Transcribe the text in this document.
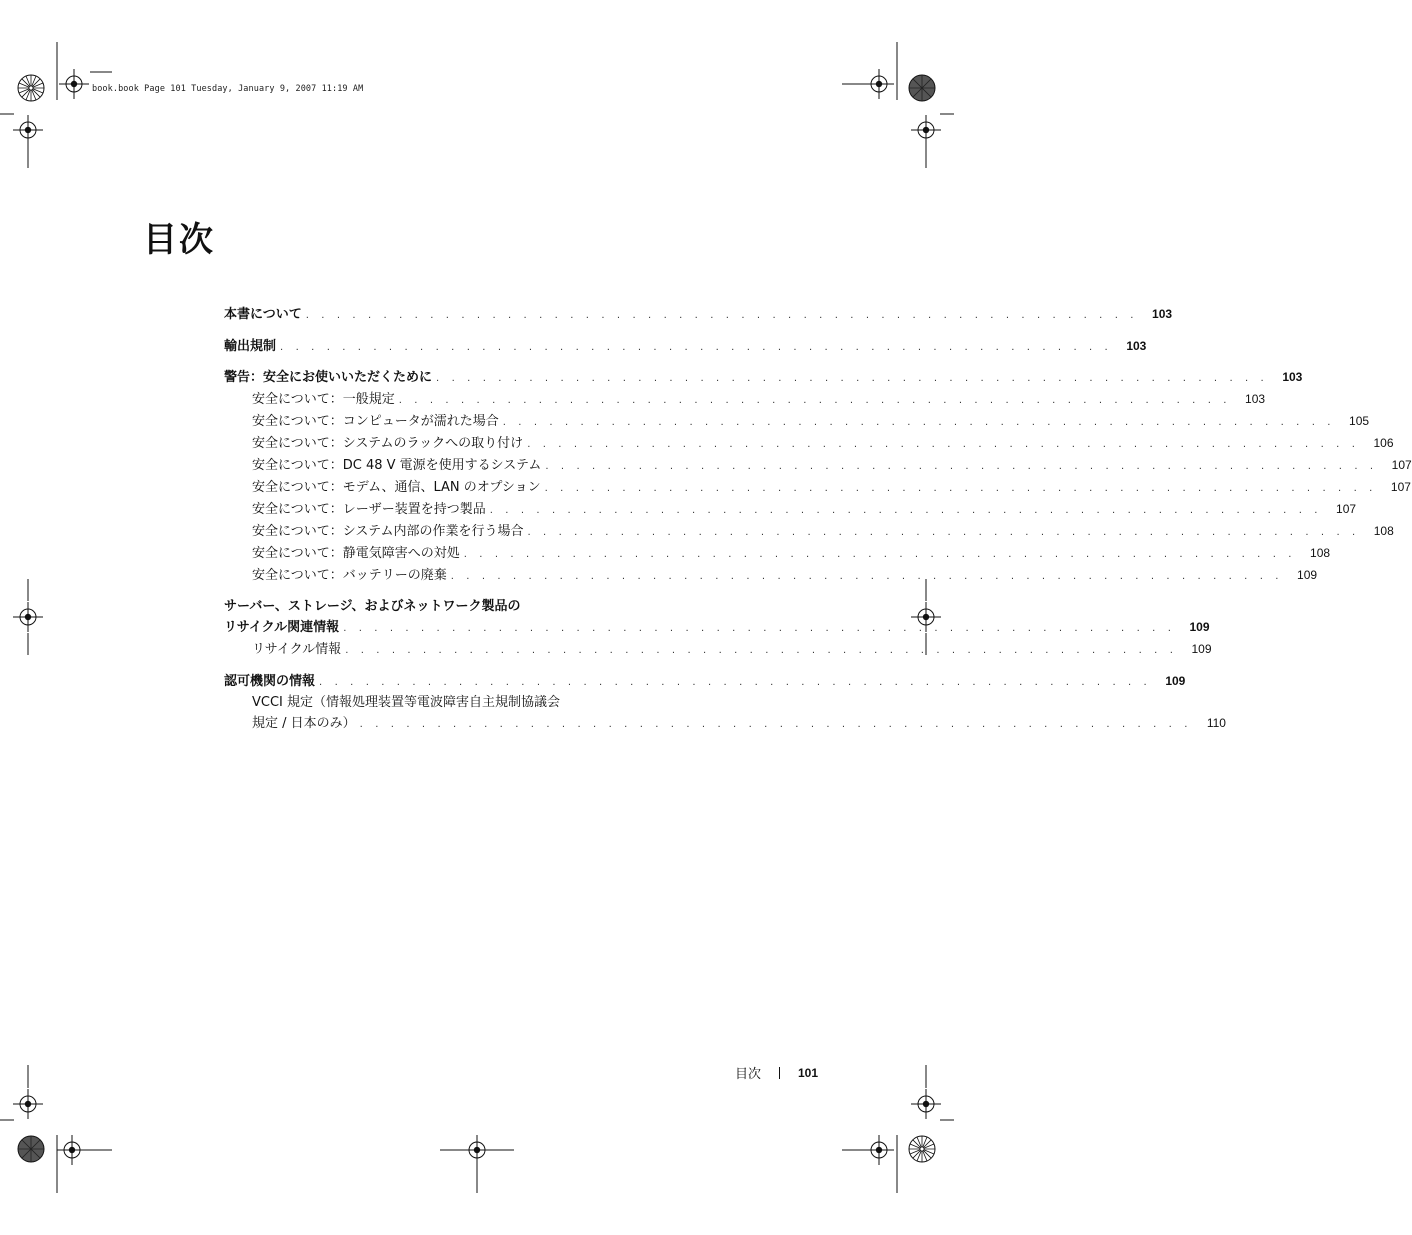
book.book Page 101 Tuesday, January 9, 2007 11:19 AM
目次
本書について . . . . . . . . . . . . . . . . . . . . . . . . . . . . . . . . . . . . . . . . . . . . . . . . . . . . . .	103
輸出規制 . . . . . . . . . . . . . . . . . . . . . . . . . . . . . . . . . . . . . . . . . . . . . . . . . . . . . .	103
警告：安全にお使いいただくために . . . . . . . . . . . . . . . . . . . . . . . . . . . . . . . . . . . . . . . . . . . . . . . . . . . . . .	103
安全について：一般規定 . . . . . . . . . . . . . . . . . . . . . . . . . . . . . . . . . . . . . . . . . . . . . . . . . . . . . .	103
安全について：コンピュータが濡れた場合 . . . . . . . . . . . . . . . . . . . . . . . . . . . . . . . . . . . . . . . . . . . . . . . . . . . . . .	105
安全について：システムのラックへの取り付け . . . . . . . . . . . . . . . . . . . . . . . . . . . . . . . . . . . . . . . . . . . . . . . . . . . . . .	106
安全について：DC 48 V 電源を使用するシステム . . . . . . . . . . . . . . . . . . . . . . . . . . . . . . . . . . . . . . . . . . . . . . . . . . . . . .	107
安全について：モデム、通信、LAN のオプション . . . . . . . . . . . . . . . . . . . . . . . . . . . . . . . . . . . . . . . . . . . . . . . . . . . . . .	107
安全について：レーザー装置を持つ製品 . . . . . . . . . . . . . . . . . . . . . . . . . . . . . . . . . . . . . . . . . . . . . . . . . . . . . .	107
安全について：システム内部の作業を行う場合 . . . . . . . . . . . . . . . . . . . . . . . . . . . . . . . . . . . . . . . . . . . . . . . . . . . . . .	108
安全について：静電気障害への対処 . . . . . . . . . . . . . . . . . . . . . . . . . . . . . . . . . . . . . . . . . . . . . . . . . . . . . .	108
安全について：バッテリーの廃棄 . . . . . . . . . . . . . . . . . . . . . . . . . . . . . . . . . . . . . . . . . . . . . . . . . . . . . .	109
サーバー、ストレージ、およびネットワーク製品の
リサイクル関連情報 . . . . . . . . . . . . . . . . . . . . . . . . . . . . . . . . . . . . . . . . . . . . . . . . . . . . . .	109
リサイクル情報 . . . . . . . . . . . . . . . . . . . . . . . . . . . . . . . . . . . . . . . . . . . . . . . . . . . . . .	109
認可機関の情報 . . . . . . . . . . . . . . . . . . . . . . . . . . . . . . . . . . . . . . . . . . . . . . . . . . . . . .	109
VCCI 規定（情報処理装置等電波障害自主規制協議会
規定 / 日本のみ） . . . . . . . . . . . . . . . . . . . . . . . . . . . . . . . . . . . . . . . . . . . . . . . . . . . . . .	110
目次	101
